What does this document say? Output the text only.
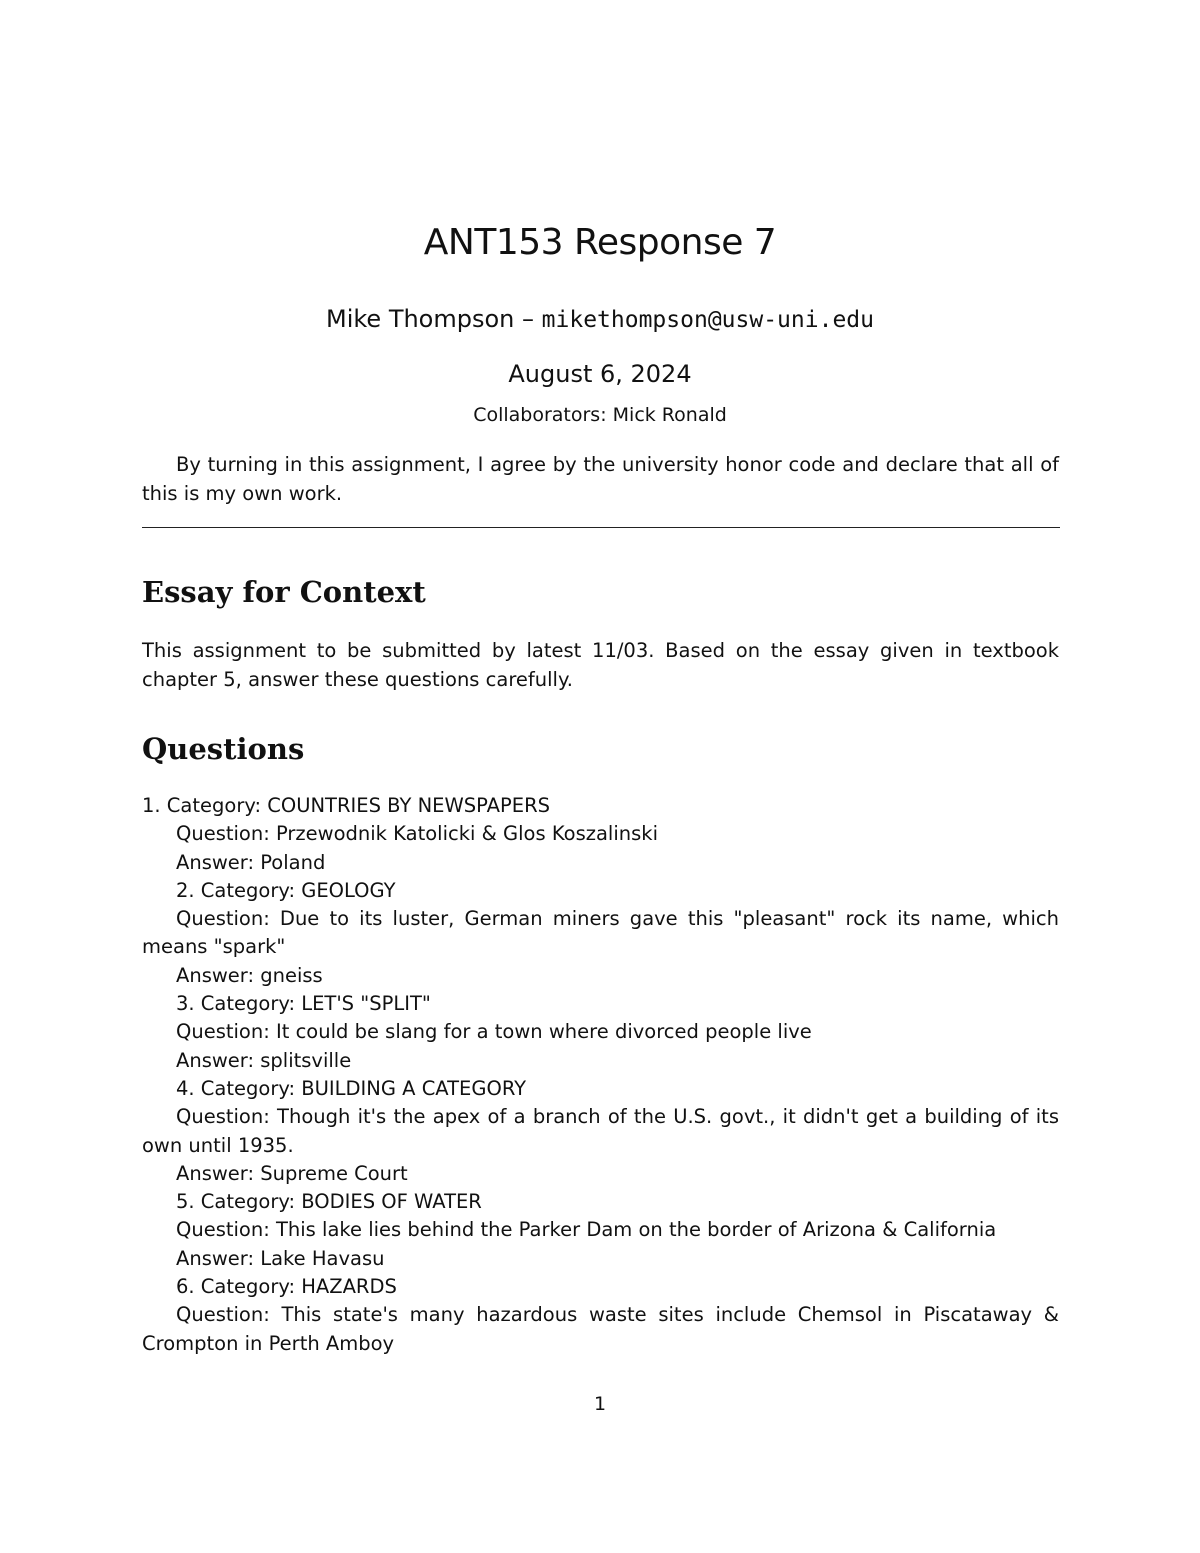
ANT153 Response 7
Mike Thompson – mikethompson@usw-uni.edu
August 6, 2024
Collaborators: Mick Ronald

By turning in this assignment, I agree by the university honor code and declare that all of this is my own work.

Essay for Context

This assignment to be submitted by latest 11/03. Based on the essay given in textbook chapter 5, answer these questions carefully.

Questions

1. Category: COUNTRIES BY NEWSPAPERS

Question: Przewodnik Katolicki & Glos Koszalinski

Answer: Poland

2. Category: GEOLOGY

Question: Due to its luster, German miners gave this "pleasant" rock its name, which means "spark"

Answer: gneiss

3. Category: LET'S "SPLIT"

Question: It could be slang for a town where divorced people live

Answer: splitsville

4. Category: BUILDING A CATEGORY

Question: Though it's the apex of a branch of the U.S. govt., it didn't get a building of its own until 1935.

Answer: Supreme Court

5. Category: BODIES OF WATER

Question: This lake lies behind the Parker Dam on the border of Arizona & California

Answer: Lake Havasu

6. Category: HAZARDS

Question: This state's many hazardous waste sites include Chemsol in Piscataway & Crompton in Perth Amboy

1
